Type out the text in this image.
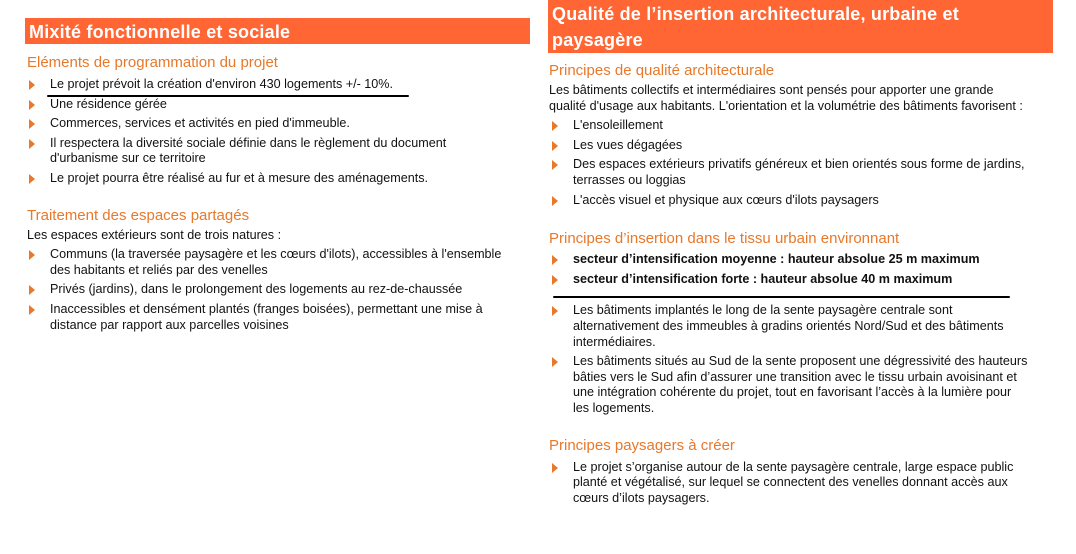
Mixité fonctionnelle et sociale
Eléments de programmation du projet
Le projet prévoit la création d'environ 430 logements +/- 10%.
Une résidence gérée
Commerces, services et activités en pied d'immeuble.
Il respectera la diversité sociale définie dans le règlement du document d'urbanisme sur ce territoire
Le projet pourra être réalisé au fur et à mesure des aménagements.
Traitement des espaces partagés
Les espaces extérieurs sont de trois natures :
Communs (la traversée paysagère et les cœurs d'ilots), accessibles à l'ensemble des habitants et reliés par des venelles
Privés (jardins), dans le prolongement des logements au rez-de-chaussée
Inaccessibles et densément plantés (franges boisées), permettant une mise à distance par rapport aux parcelles voisines
Qualité de l’insertion architecturale, urbaine et paysagère
Principes de qualité architecturale
Les bâtiments collectifs et intermédiaires sont pensés pour apporter une grande qualité d'usage aux habitants. L'orientation et la volumétrie des bâtiments favorisent :
L'ensoleillement
Les vues dégagées
Des espaces extérieurs privatifs généreux et bien orientés sous forme de jardins, terrasses ou loggias
L'accès visuel et physique aux cœurs d'ilots paysagers
Principes d’insertion dans le tissu urbain environnant
secteur d’intensification moyenne : hauteur absolue 25 m maximum
secteur d’intensification forte : hauteur absolue 40 m maximum
Les bâtiments implantés le long de la sente paysagère centrale sont alternativement des immeubles à gradins orientés Nord/Sud et des bâtiments intermédiaires.
Les bâtiments situés au Sud de la sente proposent une dégressivité des hauteurs bâties vers le Sud afin d’assurer une transition avec le tissu urbain avoisinant et une intégration cohérente du projet, tout en favorisant l’accès à la lumière pour les logements.
Principes paysagers à créer
Le projet s’organise autour de la sente paysagère centrale, large espace public planté et végétalisé, sur lequel se connectent des venelles donnant accès aux cœurs d’ilots paysagers.
